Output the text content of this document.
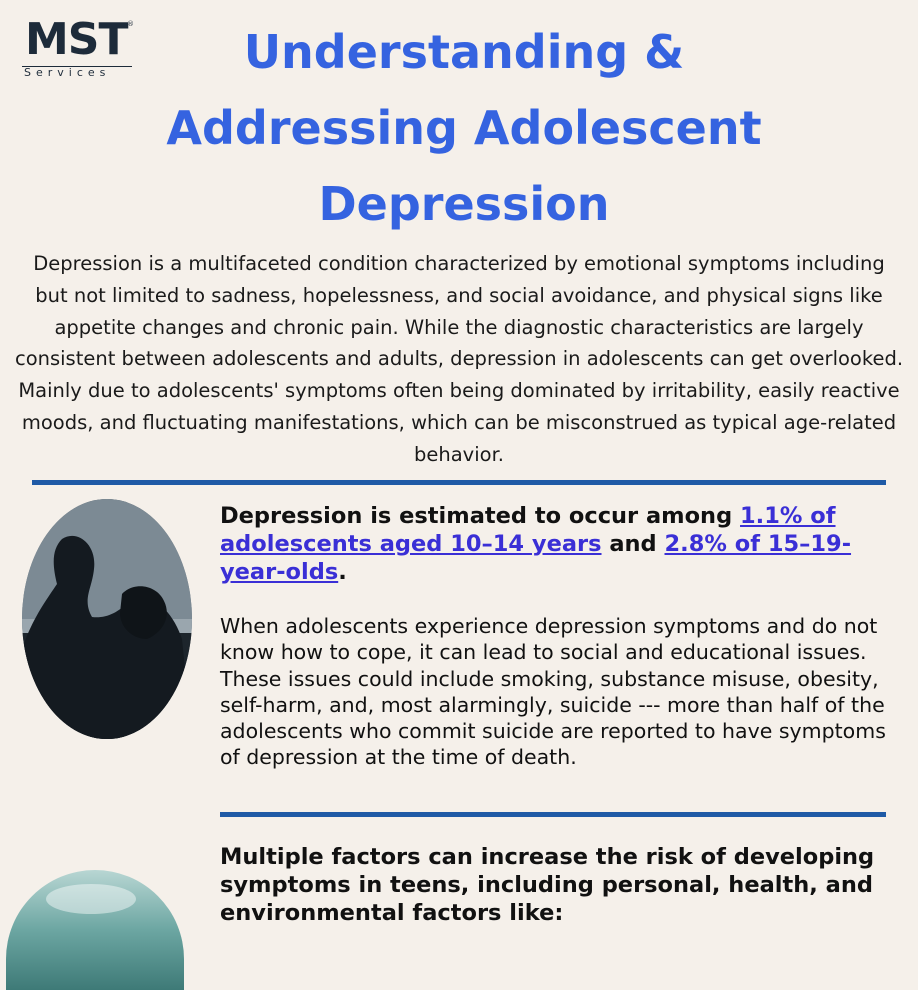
MST ®
Services	Understanding &
Addressing Adolescent
Depression

Depression is a multifaceted condition characterized by emotional symptoms including but not limited to sadness, hopelessness, and social avoidance, and physical signs like appetite changes and chronic pain. While the diagnostic characteristics are largely consistent between adolescents and adults, depression in adolescents can get overlooked. Mainly due to adolescents' symptoms often being dominated by irritability, easily reactive moods, and fluctuating manifestations, which can be misconstrued as typical age-related behavior.

Depression is estimated to occur among 1.1% of adolescents aged 10–14 years and 2.8% of 15–19-year-olds.

When adolescents experience depression symptoms and do not know how to cope, it can lead to social and educational issues. These issues could include smoking, substance misuse, obesity, self-harm, and, most alarmingly, suicide --- more than half of the adolescents who commit suicide are reported to have symptoms of depression at the time of death.

Multiple factors can increase the risk of developing symptoms in teens, including personal, health, and environmental factors like:
